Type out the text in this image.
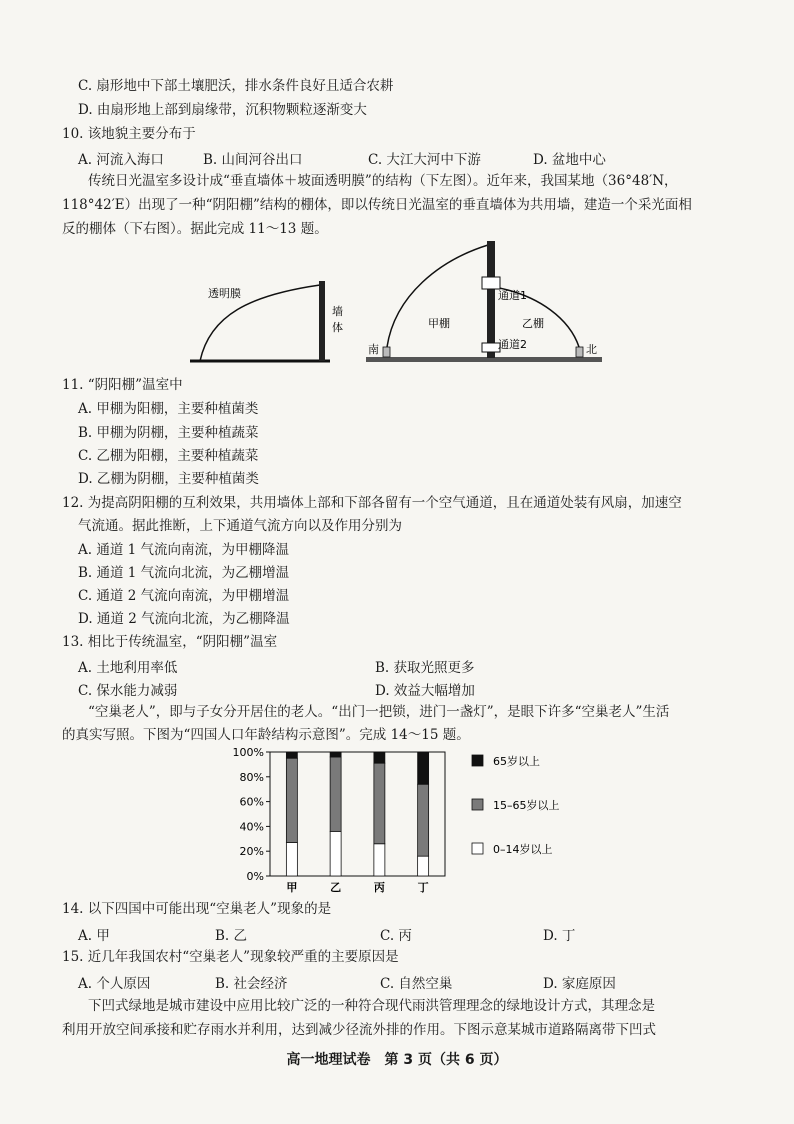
C. 扇形地中下部土壤肥沃，排水条件良好且适合农耕
D. 由扇形地上部到扇缘带，沉积物颗粒逐渐变大
10. 该地貌主要分布于
A. 河流入海口	B. 山间河谷出口	C. 大江大河中下游	D. 盆地中心
传统日光温室多设计成“垂直墙体＋坡面透明膜”的结构（下左图）。近年来，我国某地（36°48′N，
118°42′E）出现了一种“阴阳棚”结构的棚体，即以传统日光温室的垂直墙体为共用墙，建造一个采光面相
反的棚体（下右图）。据此完成 11～13 题。
透明膜
墙
体
通道1
通道2
甲棚	乙棚
南	北
11. “阴阳棚”温室中
A. 甲棚为阳棚，主要种植菌类
B. 甲棚为阴棚，主要种植蔬菜
C. 乙棚为阳棚，主要种植蔬菜
D. 乙棚为阴棚，主要种植菌类
12. 为提高阴阳棚的互利效果，共用墙体上部和下部各留有一个空气通道，且在通道处装有风扇，加速空
气流通。据此推断，上下通道气流方向以及作用分别为
A. 通道 1 气流向南流，为甲棚降温
B. 通道 1 气流向北流，为乙棚增温
C. 通道 2 气流向南流，为甲棚增温
D. 通道 2 气流向北流，为乙棚降温
13. 相比于传统温室，“阴阳棚”温室
A. 土地利用率低	B. 获取光照更多
C. 保水能力减弱	D. 效益大幅增加
“空巢老人”，即与子女分开居住的老人。“出门一把锁，进门一盏灯”，是眼下许多“空巢老人”生活
的真实写照。下图为“四国人口年龄结构示意图”。完成 14～15 题。
0%
20%
40%
60%
80%
100%
甲	乙	丙	丁
65岁以上
15–65岁以上
0–14岁以上
14. 以下四国中可能出现“空巢老人”现象的是
A. 甲	B. 乙	C. 丙	D. 丁
15. 近几年我国农村“空巢老人”现象较严重的主要原因是
A. 个人原因	B. 社会经济	C. 自然空巢	D. 家庭原因
下凹式绿地是城市建设中应用比较广泛的一种符合现代雨洪管理理念的绿地设计方式，其理念是
利用开放空间承接和贮存雨水并利用，达到减少径流外排的作用。下图示意某城市道路隔离带下凹式
高一地理试卷　第 3 页（共 6 页）
